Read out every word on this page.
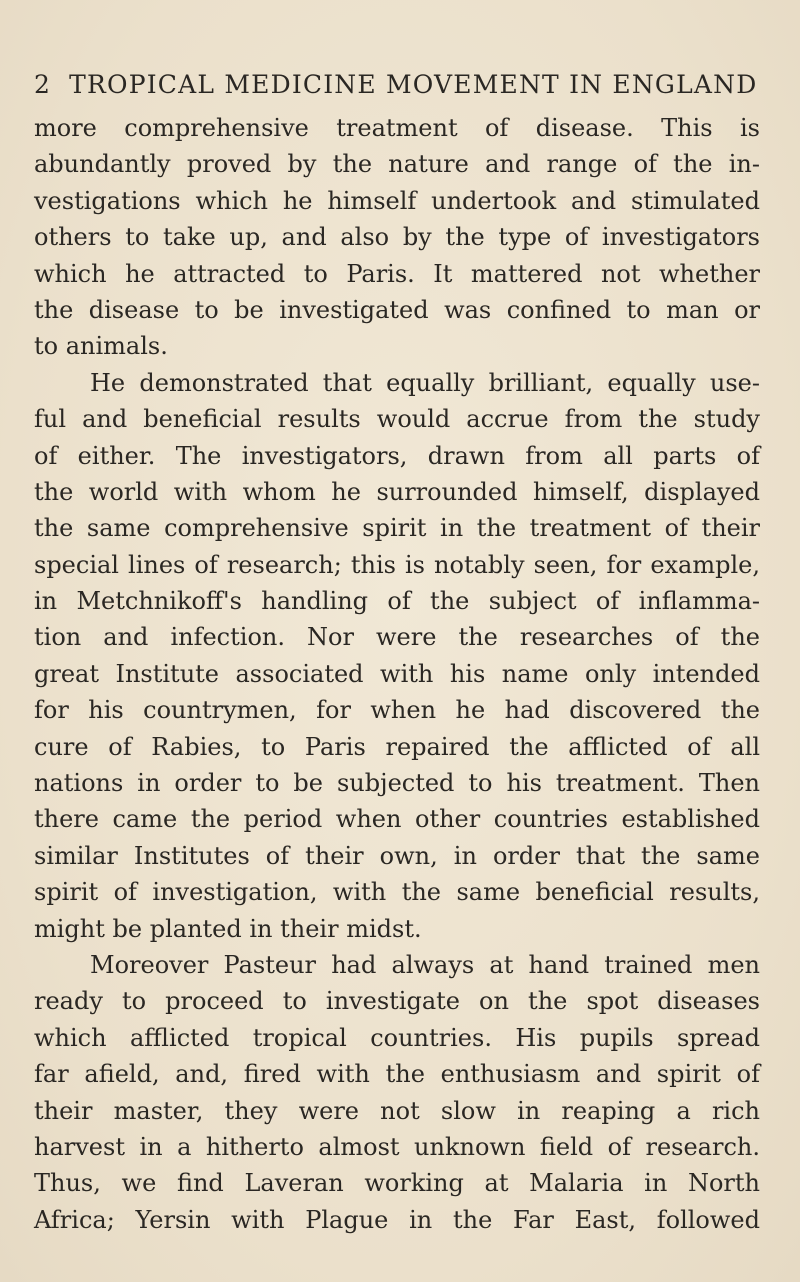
2 TROPICAL MEDICINE MOVEMENT IN ENGLAND
more comprehensive treatment of disease. This is
abundantly proved by the nature and range of the in-
vestigations which he himself undertook and stimulated
others to take up, and also by the type of investigators
which he attracted to Paris. It mattered not whether
the disease to be investigated was confined to man or
to animals.
He demonstrated that equally brilliant, equally use-
ful and beneficial results would accrue from the study
of either. The investigators, drawn from all parts of
the world with whom he surrounded himself, displayed
the same comprehensive spirit in the treatment of their
special lines of research; this is notably seen, for example,
in Metchnikoff's handling of the subject of inflamma-
tion and infection. Nor were the researches of the
great Institute associated with his name only intended
for his countrymen, for when he had discovered the
cure of Rabies, to Paris repaired the afflicted of all
nations in order to be subjected to his treatment. Then
there came the period when other countries established
similar Institutes of their own, in order that the same
spirit of investigation, with the same beneficial results,
might be planted in their midst.
Moreover Pasteur had always at hand trained men
ready to proceed to investigate on the spot diseases
which afflicted tropical countries. His pupils spread
far afield, and, fired with the enthusiasm and spirit of
their master, they were not slow in reaping a rich
harvest in a hitherto almost unknown field of research.
Thus, we find Laveran working at Malaria in North
Africa; Yersin with Plague in the Far East, followed
